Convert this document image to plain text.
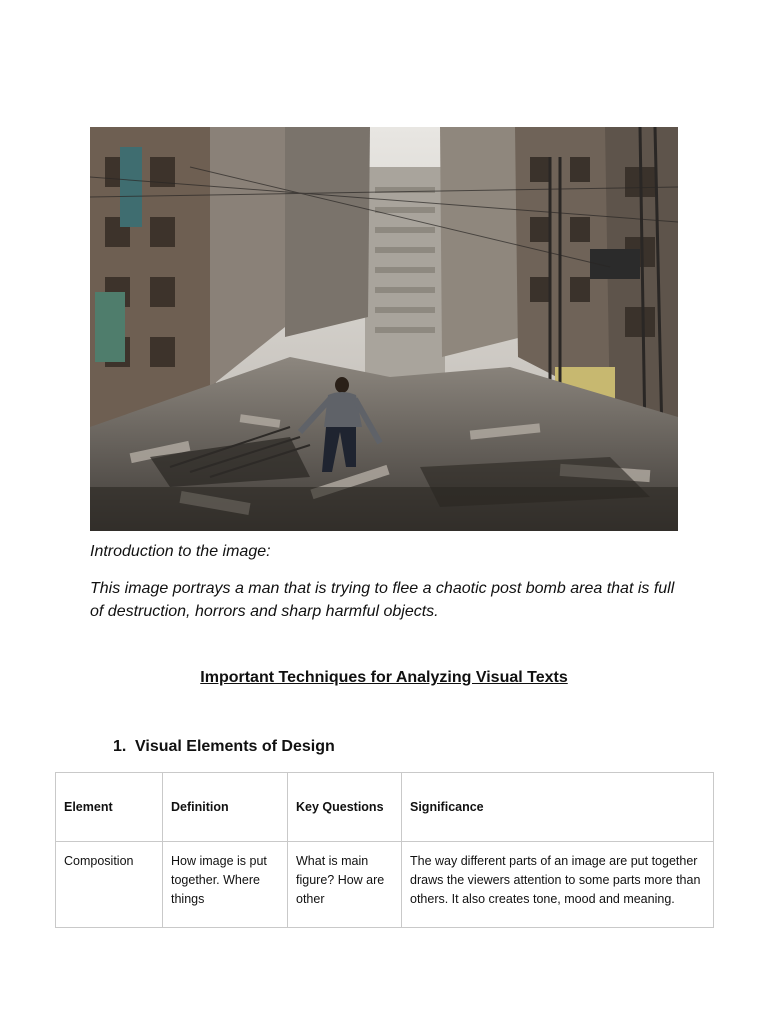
Introduction to the image:

This image portrays a man that is trying to flee a chaotic post bomb area that is full of destruction, horrors and sharp harmful objects.

Important Techniques for Analyzing Visual Texts
1. Visual Elements of Design
Element	Definition	Key Questions	Significance
Composition	How image is put together. Where things	What is main figure? How are other	The way different parts of an image are put together draws the viewers attention to some parts more than others. It also creates tone, mood and meaning.
